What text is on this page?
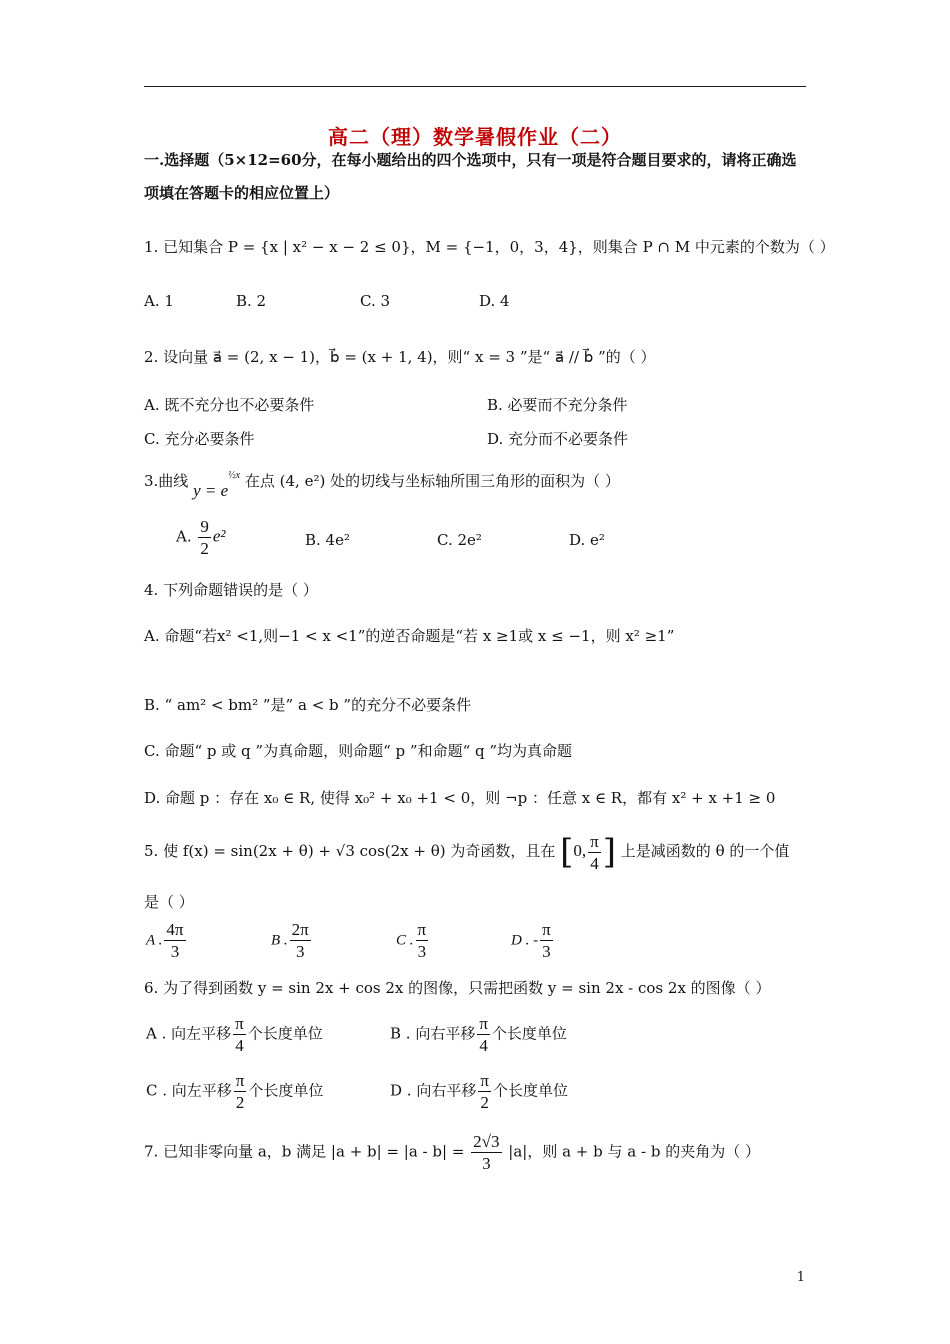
高二（理）数学暑假作业（二）
一.选择题（5×12=60分，在每小题给出的四个选项中，只有一项是符合题目要求的，请将正确选项填在答题卡的相应位置上）
1. 已知集合 P = {x | x² − x − 2 ≤ 0}，M = {−1，0，3，4}，则集合 P ∩ M 中元素的个数为（ ）
A. 1	B. 2	C. 3	D. 4
2. 设向量 a⃗ = (2, x − 1)，b⃗ = (x + 1, 4)，则“ x = 3 ”是“ a⃗ // b⃗ ”的（ ）
A. 既不充分也不必要条件	B. 必要而不充分条件
C. 充分必要条件	D. 充分而不必要条件
3.曲线 $y = e^{\frac{1}{2}x}$ 在点 (4, e²) 处的切线与坐标轴所围三角形的面积为（ ）
A. $\frac{9}{2} e^2$	B. 4e²	C. 2e²	D. e²
4. 下列命题错误的是（ ）
A. 命题“若x² <1,则−1 < x <1”的逆否命题是“若 x ≥1或 x ≤ −1，则 x² ≥1”
B. “ am² < bm² ”是” a < b ”的充分不必要条件
C. 命题“ p 或 q ”为真命题，则命题“ p ”和命题“ q ”均为真命题
D. 命题 p ：存在 x₀ ∈ R, 使得 x₀² + x₀ +1 < 0，则 ¬p ：任意 x ∈ R，都有 x² + x +1 ≥ 0
5. 使 f(x) = sin(2x + θ) + √3 cos(2x + θ) 为奇函数，且在 [0, $\frac{\pi}{4}$ ] 上是减函数的 θ 的一个值
是（ ）
A . $\frac{4\pi}{3}$	B . $\frac{2\pi}{3}$	C . $\frac{\pi}{3}$	D . - $\frac{\pi}{3}$
6. 为了得到函数 y = sin 2x + cos 2x 的图像，只需把函数 y = sin 2x - cos 2x 的图像（ ）
A . 向左平移 $\frac{\pi}{4}$ 个长度单位	B . 向右平移 $\frac{\pi}{4}$ 个长度单位
C . 向左平移 $\frac{\pi}{2}$ 个长度单位	D . 向右平移 $\frac{\pi}{2}$ 个长度单位
7. 已知非零向量 a，b 满足 $|a + b| = |a - b| = \frac{2√3}{3} |a|$，则 a + b 与 a - b 的夹角为（ ）
1
